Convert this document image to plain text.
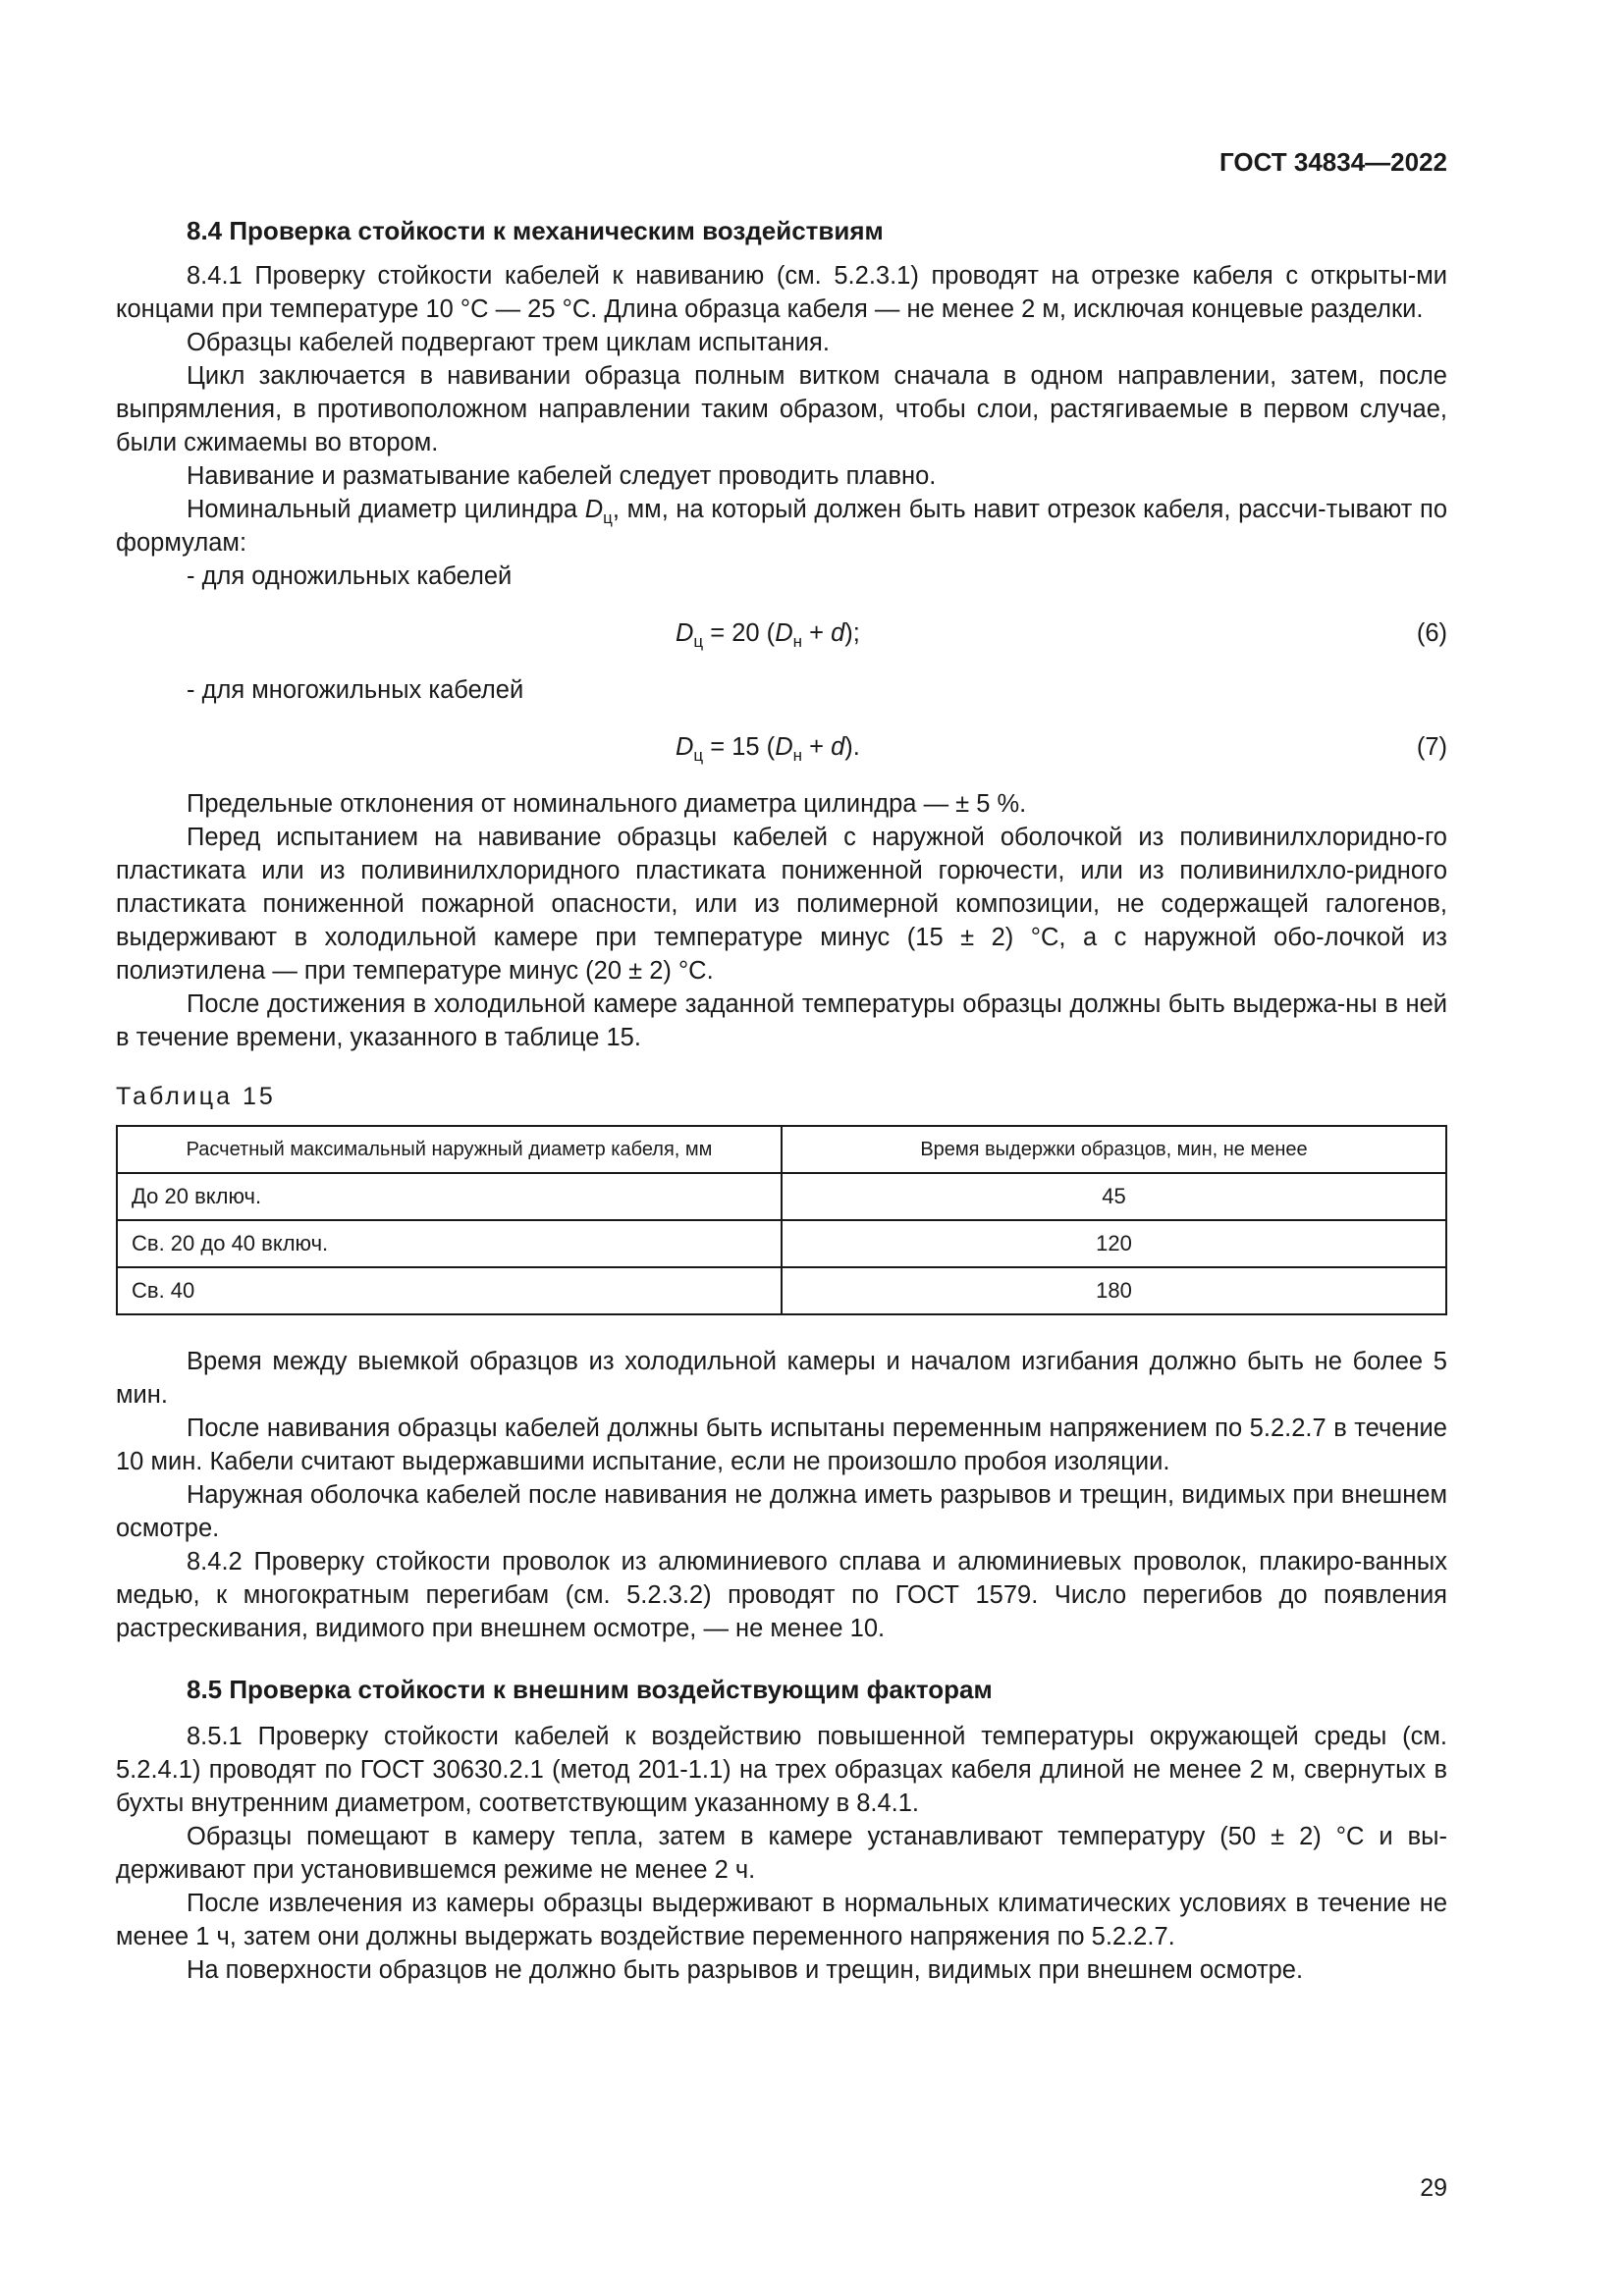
ГОСТ 34834—2022
8.4 Проверка стойкости к механическим воздействиям

8.4.1 Проверку стойкости кабелей к навиванию (см. 5.2.3.1) проводят на отрезке кабеля с открыты-ми концами при температуре 10 °С — 25 °С. Длина образца кабеля — не менее 2 м, исключая концевые разделки.

Образцы кабелей подвергают трем циклам испытания.

Цикл заключается в навивании образца полным витком сначала в одном направлении, затем, после выпрямления, в противоположном направлении таким образом, чтобы слои, растягиваемые в первом случае, были сжимаемы во втором.

Навивание и разматывание кабелей следует проводить плавно.

Номинальный диаметр цилиндра $D_ц$, мм, на который должен быть навит отрезок кабеля, рассчи-тывают по формулам:

- для одножильных кабелей
$D_ц = 20$ $(D_н + d)$;	(6)
- для многожильных кабелей
$D_ц = 15$ $(D_н + d)$.	(7)

Предельные отклонения от номинального диаметра цилиндра — ± 5 %.

Перед испытанием на навивание образцы кабелей с наружной оболочкой из поливинилхлоридно-го пластиката или из поливинилхлоридного пластиката пониженной горючести, или из поливинилхло-ридного пластиката пониженной пожарной опасности, или из полимерной композиции, не содержащей галогенов, выдерживают в холодильной камере при температуре минус (15 ± 2) °С, а с наружной обо-лочкой из полиэтилена — при температуре минус (20 ± 2) °С.

После достижения в холодильной камере заданной температуры образцы должны быть выдержа-ны в ней в течение времени, указанного в таблице 15.

Таблица 15
Расчетный максимальный наружный диаметр кабеля, мм	Время выдержки образцов, мин, не менее
До 20 включ.	45
Св. 20 до 40 включ.	120
Св. 40	180

Время между выемкой образцов из холодильной камеры и началом изгибания должно быть не более 5 мин.

После навивания образцы кабелей должны быть испытаны переменным напряжением по 5.2.2.7 в течение 10 мин. Кабели считают выдержавшими испытание, если не произошло пробоя изоляции.

Наружная оболочка кабелей после навивания не должна иметь разрывов и трещин, видимых при внешнем осмотре.

8.4.2 Проверку стойкости проволок из алюминиевого сплава и алюминиевых проволок, плакиро-ванных медью, к многократным перегибам (см. 5.2.3.2) проводят по ГОСТ 1579. Число перегибов до появления растрескивания, видимого при внешнем осмотре, — не менее 10.

8.5 Проверка стойкости к внешним воздействующим факторам

8.5.1 Проверку стойкости кабелей к воздействию повышенной температуры окружающей среды (см. 5.2.4.1) проводят по ГОСТ 30630.2.1 (метод 201-1.1) на трех образцах кабеля длиной не менее 2 м, свернутых в бухты внутренним диаметром, соответствующим указанному в 8.4.1.

Образцы помещают в камеру тепла, затем в камере устанавливают температуру (50 ± 2) °С и вы-держивают при установившемся режиме не менее 2 ч.

После извлечения из камеры образцы выдерживают в нормальных климатических условиях в течение не менее 1 ч, затем они должны выдержать воздействие переменного напряжения по 5.2.2.7.

На поверхности образцов не должно быть разрывов и трещин, видимых при внешнем осмотре.

29
